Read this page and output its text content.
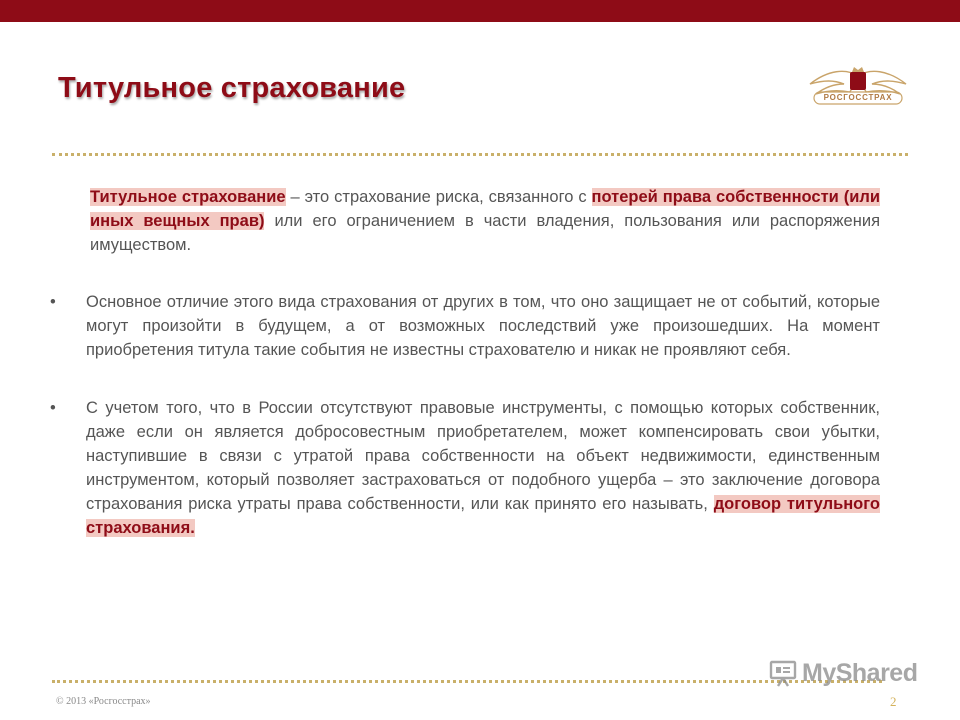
Титульное страхование	РОСГОССТРАХ
Титульное страхование – это страхование риска, связанного с потерей права собственности (или иных вещных прав) или его ограничением в части владения, пользования или распоряжения имуществом.
• Основное отличие этого вида страхования от других в том, что оно защищает не от событий, которые могут произойти в будущем, а от возможных последствий уже произошедших. На момент приобретения титула такие события не известны страхователю и никак не проявляют себя.
• С учетом того, что в России отсутствуют правовые инструменты, с помощью которых собственник, даже если он является добросовестным приобретателем, может компенсировать свои убытки, наступившие в связи с утратой права собственности на объект недвижимости, единственным инструментом, который позволяет застраховаться от подобного ущерба – это заключение договора страхования риска утраты права собственности, или как принято его называть, договор титульного страхования.
© 2013 «Росгосстрах»
MyShared
2
